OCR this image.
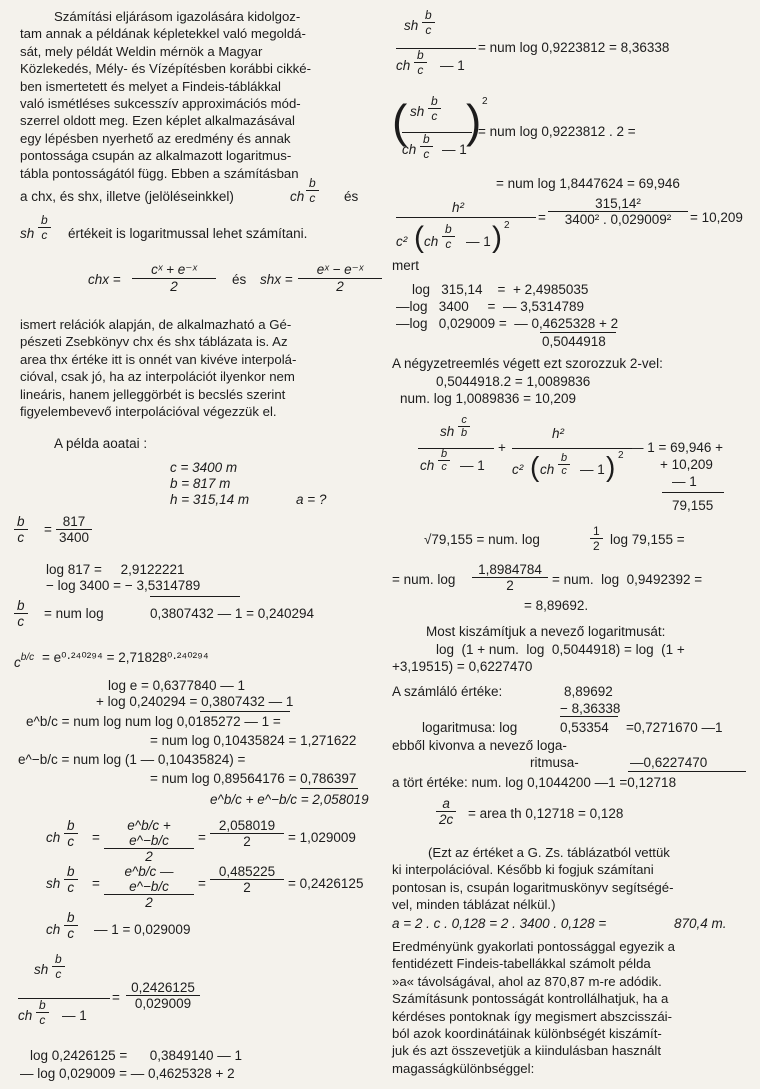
Számítási eljárásom igazolására kidolgoz-
tam annak a példának képletekkel való megoldá-
sát, mely példát Weldin mérnök a Magyar
Közlekedés, Mély- és Vízépítésben korábbi cikké-
ben ismertetett és melyet a Findeis-táblákkal
való ismétléses sukcesszív approximációs mód-
szerrel oldott meg. Ezen képlet alkalmazásával
egy lépésben nyerhető az eredmény és annak
pontossága csupán az alkalmazott logaritmus-
tábla pontosságától függ. Ebben a számításban
a chx, és shx, illetve (jelöléseinkkel)	ch $\frac{b}{c}$ és
sh $\frac{b}{c}$ értékeit is logaritmussal lehet számítani.
chx = $\frac{\text{cˣ + e⁻ˣ}}{2}$ és shx = $\frac{\text{eˣ − e⁻ˣ}}{2}$
ismert relációk alapján, de alkalmazható a Gé-
pészeti Zsebkönyv chx és shx táblázata is. Az
area thx értéke itt is onnét van kivéve interpolá-
cióval, csak jó, ha az interpolációt ilyenkor nem
lineáris, hanem jelleggörbét is becslés szerint
figyelembevevő interpolációval végezzük el.
A példa aoatai :
c = 3400 m
b = 817 m
h = 315,14 m	a = ?
$\frac{b}{c} = \frac{817}{3400}$
log 817 =     2,9122221
− log 3400 = − 3,5314789
$\frac{b}{c}$ = num log	0,3807432 — 1 = 0,240294
$c^{b/c} = e^0\cdot^{240294} = 2,71828^0\cdot^{240294}$
log e = 0,6377840 — 1
+ log 0,240294 = 0,3807432 — 1
e^b/c = num log num log 0,0185272 — 1 =
= num log 0,10435824 = 1,271622
e^−b/c = num log (1 — 0,10435824) =
= num log 0,89564176 = 0,786397
e^b/c + e^−b/c = 2,058019
ch $\frac{b}{c} = \frac{e\^{}b/c + e\^{}-b/c}{2} = \frac{2,058019}{2} = 1,029009$
sh $\frac{b}{c} = \frac{e\^{}b/c — e\^{}-b/c}{2} = \frac{0,485225}{2} = 0,2426125$
ch $\frac{b}{c}$ — 1 = 0,029009
sh $\frac{b}{c}$
ch $\frac{b}{c}$ — 1
= $\frac{0,2426125}{0,029009}$
log 0,2426125 =      0,3849140 — 1
— log 0,029009 = — 0,4625328 + 2
sh $\frac{b}{c}$
ch $\frac{b}{c}$ — 1
= num log 0,9223812 = 8,36338
( sh $\frac{b}{c}$
ch $\frac{b}{c}$ — 1
) 2
= num log 0,9223812 . 2 =
= num log 1,8447624 = 69,946
h²
c² ( ch $\frac{b}{c}$ — 1 ) 2
= $\frac{\text{315,14²}}{\text{3400² . 0,029009²}} = 10,209$
mert
log   315,14    =  + 2,4985035
—log   3400     =  — 3,5314789
—log   0,029009 =  — 0,4625328 + 2
0,5044918
A négyzetreemlés végett ezt szorozzuk 2-vel:
0,5044918.2 = 1,0089836
num. log 1,0089836 = 10,209
sh $\frac{c}{b}$
ch $\frac{b}{c}$ — 1
+
h²
c² ( ch $\frac{b}{c}$ — 1 ) 2
— 1 = 69,946 +
+ 10,209
— 1
79,155
√79,155 = num. log	$\frac{1}{2}$ log 79,155 =
= num. $\log \frac{1,8984784}{2}$ = num.  log  0,9492392 =
= 8,89692.
Most kiszámítjuk a nevező logaritmusát:
log  (1 + num.  log  0,5044918) = log  (1 +
+3,19515) = 0,6227470
A számláló értéke:	8,89692
− 8,36338
logaritmusa: log	0,53354 =0,7271670 —1
ebből kivonva a nevező loga-
ritmusa-	—0,6227470
a tört értéke: num. log 0,1044200 —1 =0,12718
$\frac{a}{2c}$ = area th 0,12718 = 0,128
(Ezt az értéket a G. Zs. táblázatból vettük
ki interpolációval. Később ki fogjuk számítani
pontosan is, csupán logaritmuskönyv segítségé-
vel, minden táblázat nélkül.)
a = 2 . c . 0,128 = 2 . 3400 . 0,128 =	870,4 m.
Eredményünk gyakorlati pontossággal egyezik a
fentidézett Findeis-tabellákkal számolt példa
»a« távolságával, ahol az 870,87 m-re adódik.
Számításunk pontosságát kontrollálhatjuk, ha a
kérdéses pontoknak így megismert abszcisszái-
ból azok koordinátáinak különbségét kiszámít-
juk és azt összevetjük a kiindulásban használt
magasságkülönbséggel:
